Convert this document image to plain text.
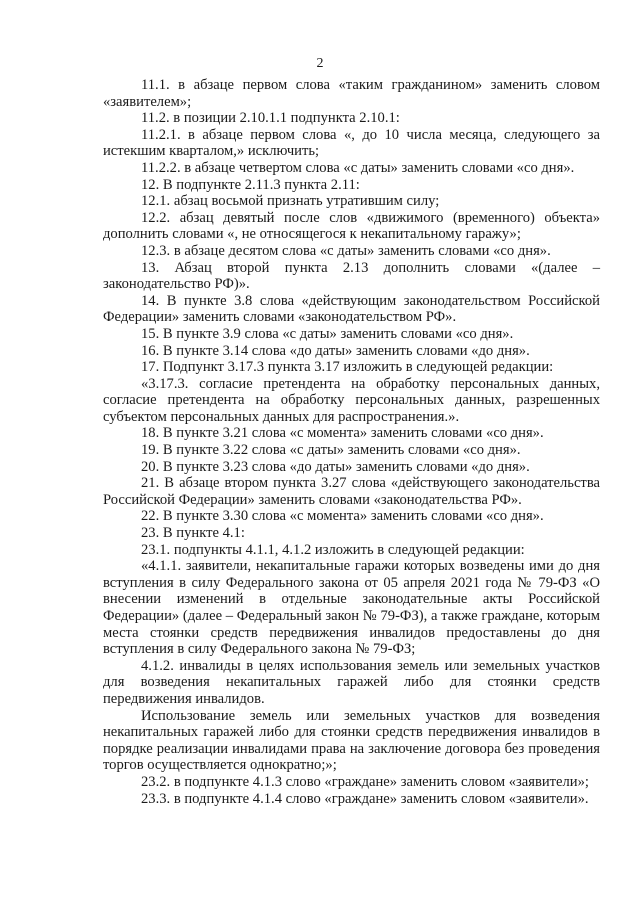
2

11.1. в абзаце первом слова «таким гражданином» заменить словом «заявителем»;

11.2. в позиции 2.10.1.1 подпункта 2.10.1:

11.2.1. в абзаце первом слова «, до 10 числа месяца, следующего за истекшим кварталом,» исключить;

11.2.2. в абзаце четвертом слова «с даты» заменить словами «со дня».

12. В подпункте 2.11.3 пункта 2.11:

12.1. абзац восьмой признать утратившим силу;

12.2. абзац девятый после слов «движимого (временного) объекта» дополнить словами «, не относящегося к некапитальному гаражу»;

12.3. в абзаце десятом слова «с даты» заменить словами «со дня».

13. Абзац второй пункта 2.13 дополнить словами «(далее – законодательство РФ)».

14. В пункте 3.8 слова «действующим законодательством Российской Федерации» заменить словами «законодательством РФ».

15. В пункте 3.9 слова «с даты» заменить словами «со дня».

16. В пункте 3.14 слова «до даты» заменить словами «до дня».

17. Подпункт 3.17.3 пункта 3.17 изложить в следующей редакции:

«3.17.3. согласие претендента на обработку персональных данных, согласие претендента на обработку персональных данных, разрешенных субъектом персональных данных для распространения.».

18. В пункте 3.21 слова «с момента» заменить словами «со дня».

19. В пункте 3.22 слова «с даты» заменить словами «со дня».

20. В пункте 3.23 слова «до даты» заменить словами «до дня».

21. В абзаце втором пункта 3.27 слова «действующего законодательства Российской Федерации» заменить словами «законодательства РФ».

22. В пункте 3.30 слова «с момента» заменить словами «со дня».

23. В пункте 4.1:

23.1. подпункты 4.1.1, 4.1.2 изложить в следующей редакции:

«4.1.1. заявители, некапитальные гаражи которых возведены ими до дня вступления в силу Федерального закона от 05 апреля 2021 года № 79-ФЗ «О внесении изменений в отдельные законодательные акты Российской Федерации» (далее – Федеральный закон № 79-ФЗ), а также граждане, которым места стоянки средств передвижения инвалидов предоставлены до дня вступления в силу Федерального закона № 79-ФЗ;

4.1.2. инвалиды в целях использования земель или земельных участков для возведения некапитальных гаражей либо для стоянки средств передвижения инвалидов.

Использование земель или земельных участков для возведения некапитальных гаражей либо для стоянки средств передвижения инвалидов в порядке реализации инвалидами права на заключение договора без проведения торгов осуществляется однократно;»;

23.2. в подпункте 4.1.3 слово «граждане» заменить словом «заявители»;

23.3. в подпункте 4.1.4 слово «граждане» заменить словом «заявители».
